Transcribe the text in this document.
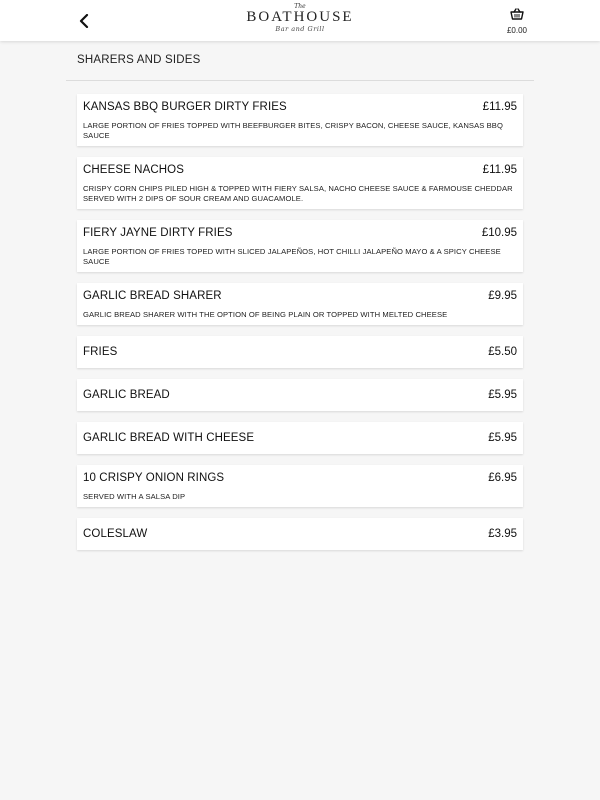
The
BOATHOUSE
Bar and Grill	£0.00
SHARERS AND SIDES
KANSAS BBQ BURGER DIRTY FRIES	£11.95
LARGE PORTION OF FRIES TOPPED WITH BEEFBURGER BITES, CRISPY BACON, CHEESE SAUCE, KANSAS BBQ SAUCE
CHEESE NACHOS	£11.95
CRISPY CORN CHIPS PILED HIGH & TOPPED WITH FIERY SALSA, NACHO CHEESE SAUCE & FARMOUSE CHEDDAR SERVED WITH 2 DIPS OF SOUR CREAM AND GUACAMOLE.
FIERY JAYNE DIRTY FRIES	£10.95
LARGE PORTION OF FRIES TOPED WITH SLICED JALAPEÑOS, HOT CHILLI JALAPEÑO MAYO & A SPICY CHEESE SAUCE
GARLIC BREAD SHARER	£9.95
GARLIC BREAD SHARER WITH THE OPTION OF BEING PLAIN OR TOPPED WITH MELTED CHEESE
FRIES	£5.50
GARLIC BREAD	£5.95
GARLIC BREAD WITH CHEESE	£5.95
10 CRISPY ONION RINGS	£6.95
SERVED WITH A SALSA DIP
COLESLAW	£3.95
